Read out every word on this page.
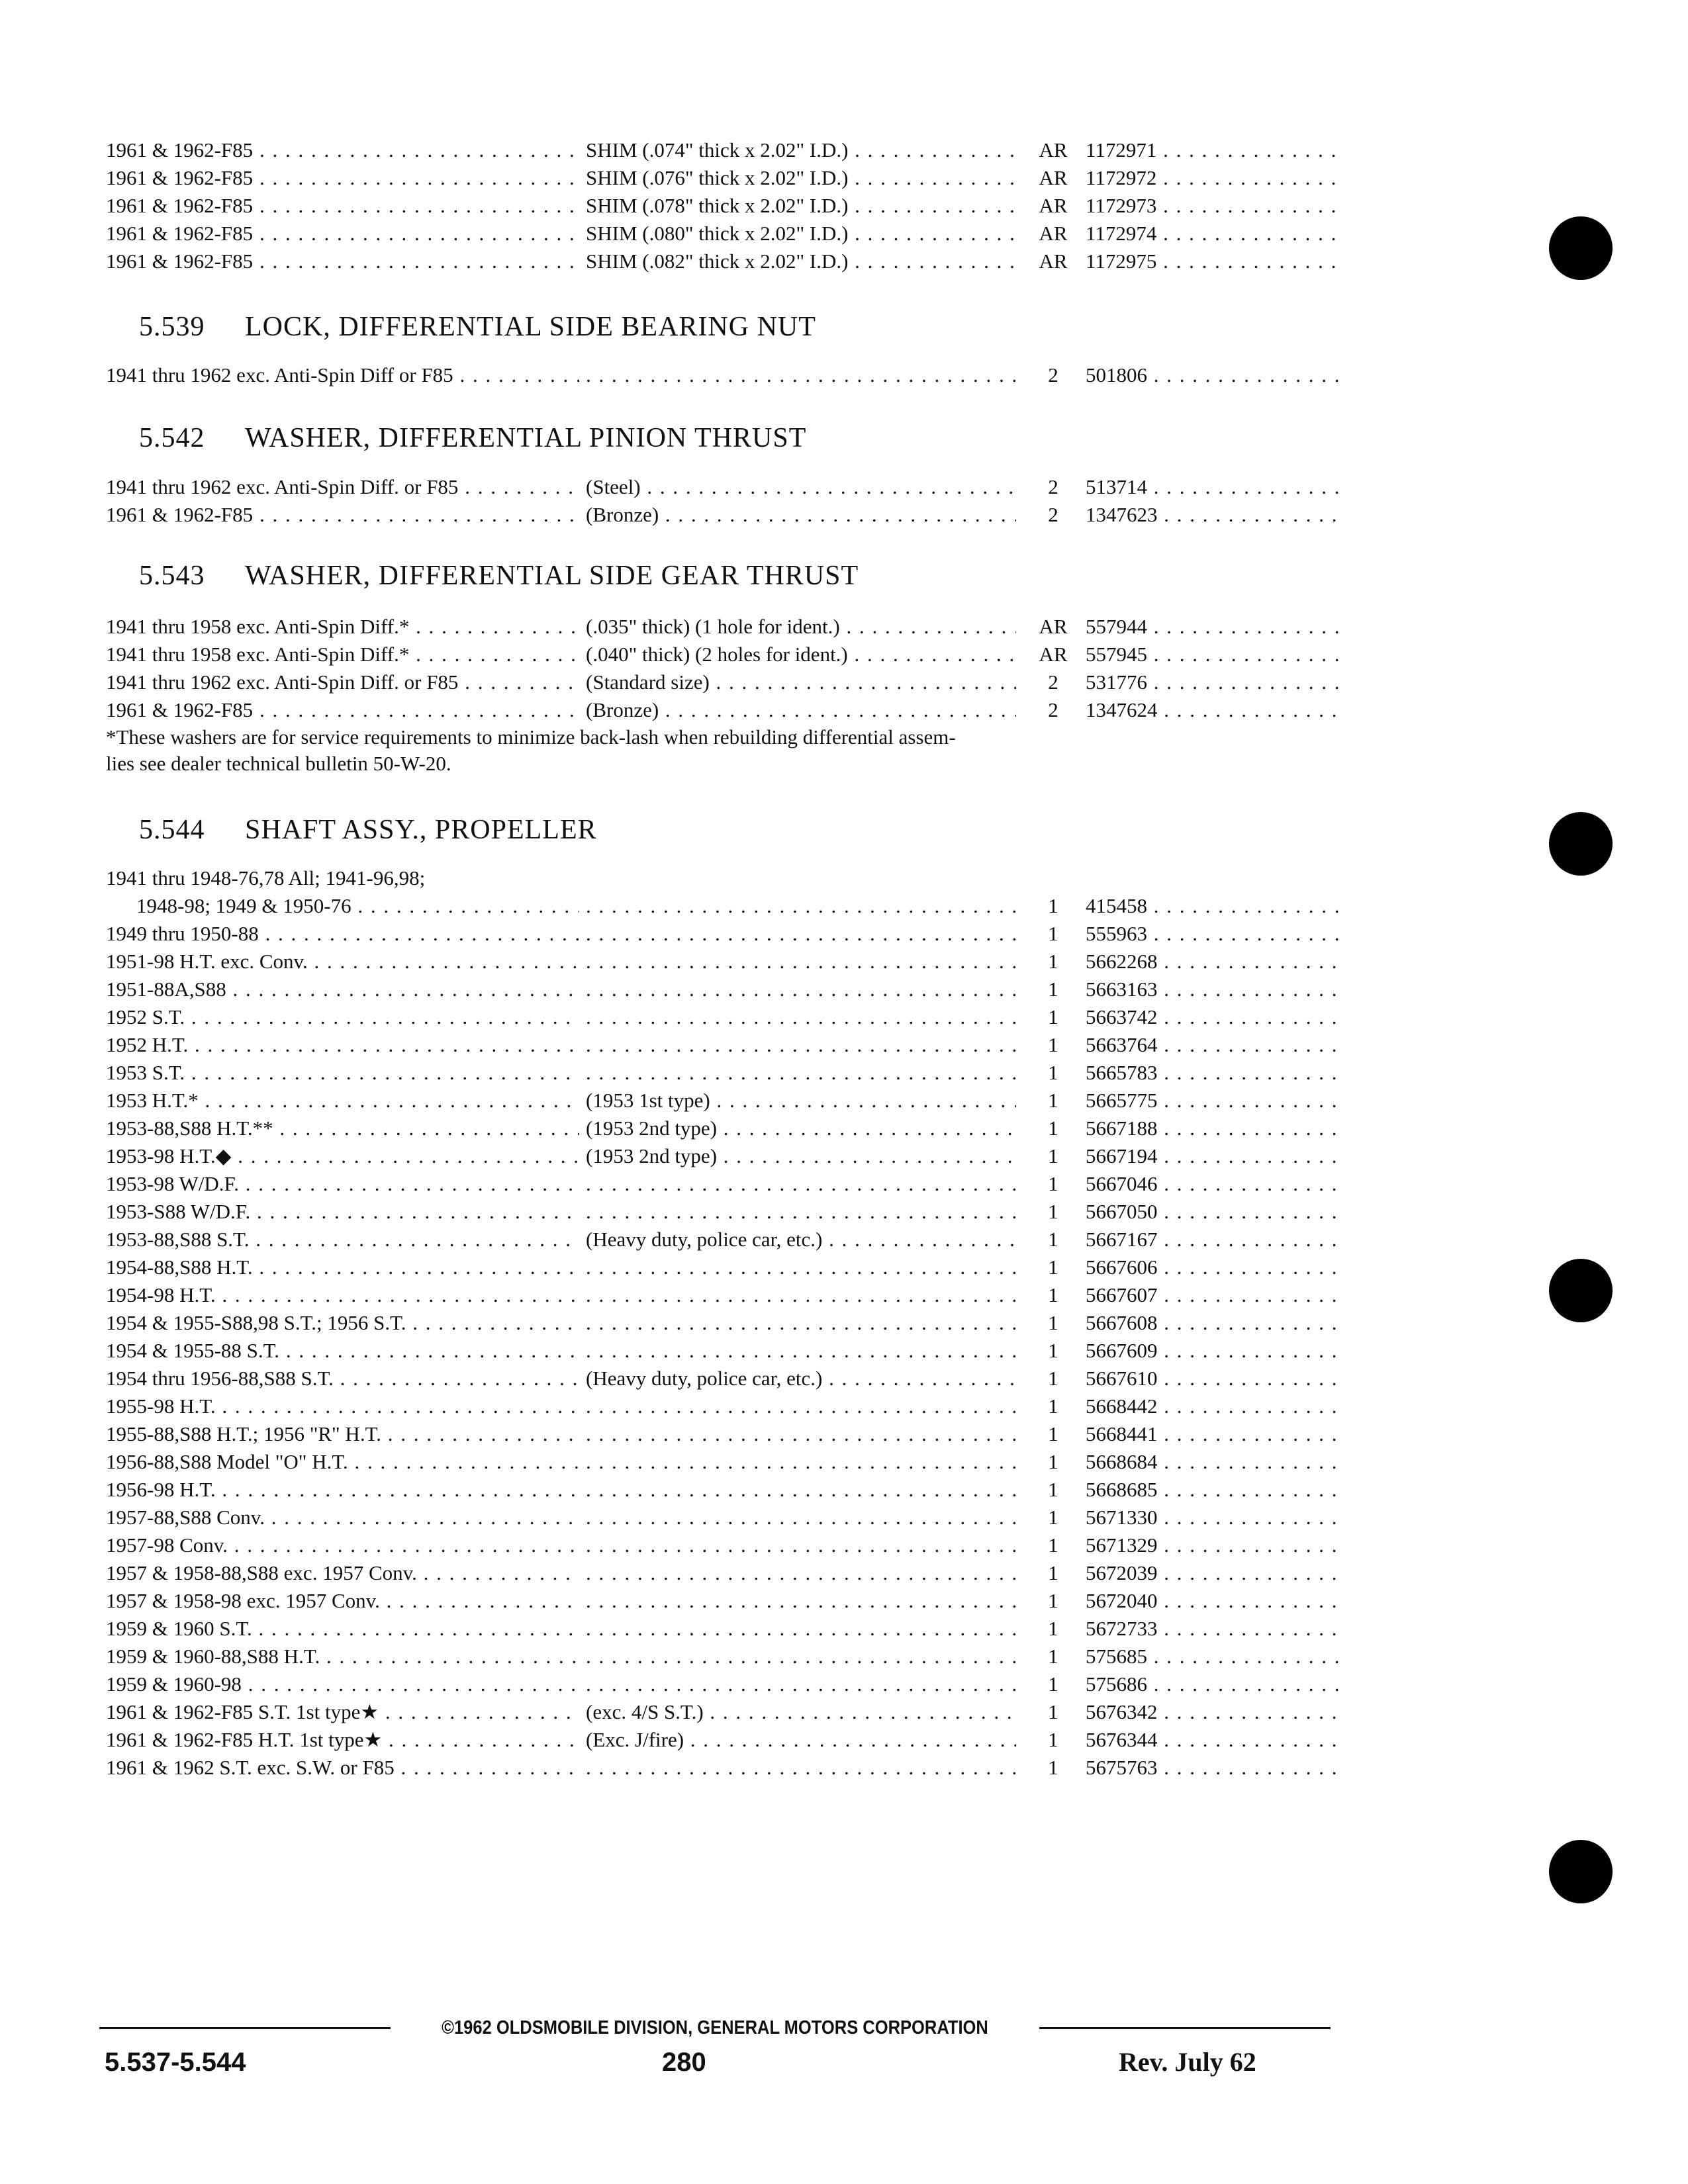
1961 & 1962-F85 . . .	SHIM (.074" thick x 2.02" I.D.) . . .	AR 1172971 . . .
1961 & 1962-F85 . . .	SHIM (.076" thick x 2.02" I.D.) . . .	AR 1172972 . . .
1961 & 1962-F85 . . .	SHIM (.078" thick x 2.02" I.D.) . . .	AR 1172973 . . .
1961 & 1962-F85 . . .	SHIM (.080" thick x 2.02" I.D.) . . .	AR 1172974 . . .
1961 & 1962-F85 . . .	SHIM (.082" thick x 2.02" I.D.) . . .	AR 1172975 . . .
5.539 LOCK, DIFFERENTIAL SIDE BEARING NUT
1941 thru 1962 exc. Anti-Spin Diff or F85 . . . . . .	2	501806 . . .
5.542 WASHER, DIFFERENTIAL PINION THRUST
1941 thru 1962 exc. Anti-Spin Diff. or F85 . . .	(Steel) . . .	2	513714 . . .
1961 & 1962-F85 . . .	(Bronze) . . .	2	1347623 . . .
5.543 WASHER, DIFFERENTIAL SIDE GEAR THRUST
1941 thru 1958 exc. Anti-Spin Diff.* . . .	(.035" thick) (1 hole for ident.) . . .	AR 557944 . . .
1941 thru 1958 exc. Anti-Spin Diff.* . . .	(.040" thick) (2 holes for ident.) . . .	AR 557945 . . .
1941 thru 1962 exc. Anti-Spin Diff. or F85 . . .	(Standard size) . . .	2	531776 . . .
1961 & 1962-F85 . . .	(Bronze) . . .	2	1347624 . . .
*These washers are for service requirements to minimize back-lash when rebuilding differential assem-
lies see dealer technical bulletin 50-W-20.
5.544 SHAFT ASSY., PROPELLER
1941 thru 1948-76,78 All; 1941-96,98;
1948-98; 1949 & 1950-76 . . . . . .	1	415458 . . .
1949 thru 1950-88 . . . . . .	1	555963 . . .
1951-98 H.T. exc. Conv. . . . . . .	1	5662268 . . .
1951-88A,S88 . . . . . .	1	5663163 . . .
1952 S.T. . . . . . .	1	5663742 . . .
1952 H.T. . . . . . .	1	5663764 . . .
1953 S.T. . . . . . .	1	5665783 . . .
1953 H.T.* . . .	(1953 1st type) . . .	1	5665775 . . .
1953-88,S88 H.T.** . . .	(1953 2nd type) . . .	1	5667188 . . .
1953-98 H.T.◆ . . .	(1953 2nd type) . . .	1	5667194 . . .
1953-98 W/D.F. . . . . . .	1	5667046 . . .
1953-S88 W/D.F. . . . . . .	1	5667050 . . .
1953-88,S88 S.T. . . .	(Heavy duty, police car, etc.) . . .	1	5667167 . . .
1954-88,S88 H.T. . . . . . .	1	5667606 . . .
1954-98 H.T. . . . . . .	1	5667607 . . .
1954 & 1955-S88,98 S.T.; 1956 S.T. . . . . . .	1	5667608 . . .
1954 & 1955-88 S.T. . . . . . .	1	5667609 . . .
1954 thru 1956-88,S88 S.T. . . .	(Heavy duty, police car, etc.) . . .	1	5667610 . . .
1955-98 H.T. . . . . . .	1	5668442 . . .
1955-88,S88 H.T.; 1956 "R" H.T. . . . . . .	1	5668441 . . .
1956-88,S88 Model "O" H.T. . . . . . .	1	5668684 . . .
1956-98 H.T. . . . . . .	1	5668685 . . .
1957-88,S88 Conv. . . . . . .	1	5671330 . . .
1957-98 Conv. . . . . . .	1	5671329 . . .
1957 & 1958-88,S88 exc. 1957 Conv. . . . . . .	1	5672039 . . .
1957 & 1958-98 exc. 1957 Conv. . . . . . .	1	5672040 . . .
1959 & 1960 S.T. . . . . . .	1	5672733 . . .
1959 & 1960-88,S88 H.T. . . . . . .	1	575685 . . .
1959 & 1960-98 . . . . . .	1	575686 . . .
1961 & 1962-F85 S.T. 1st type★ . . .	(exc. 4/S S.T.) . . .	1	5676342 . . .
1961 & 1962-F85 H.T. 1st type★ . . .	(Exc. J/fire) . . .	1	5676344 . . .
1961 & 1962 S.T. exc. S.W. or F85 . . . . . .	1	5675763 . . .
©1962 OLDSMOBILE DIVISION, GENERAL MOTORS CORPORATION
5.537-5.544	280	Rev. July 62
